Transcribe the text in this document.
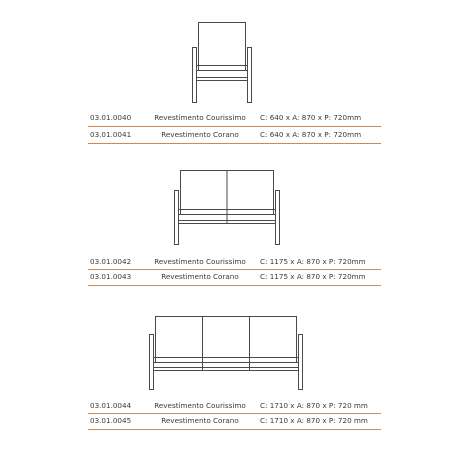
03.01.0040	Revestimento Courissimo	C: 640 x A: 870 x P: 720mm
03.01.0041	Revestimento Corano	C: 640 x A: 870 x P: 720mm
03.01.0042	Revestimento Courissimo	C: 1175 x A: 870 x P: 720mm
03.01.0043	Revestimento Corano	C: 1175 x A: 870 x P: 720mm
03.01.0044	Revestimento Courissimo	C: 1710 x A: 870 x P: 720 mm
03.01.0045	Revestimento Corano	C: 1710 x A: 870 x P: 720 mm
